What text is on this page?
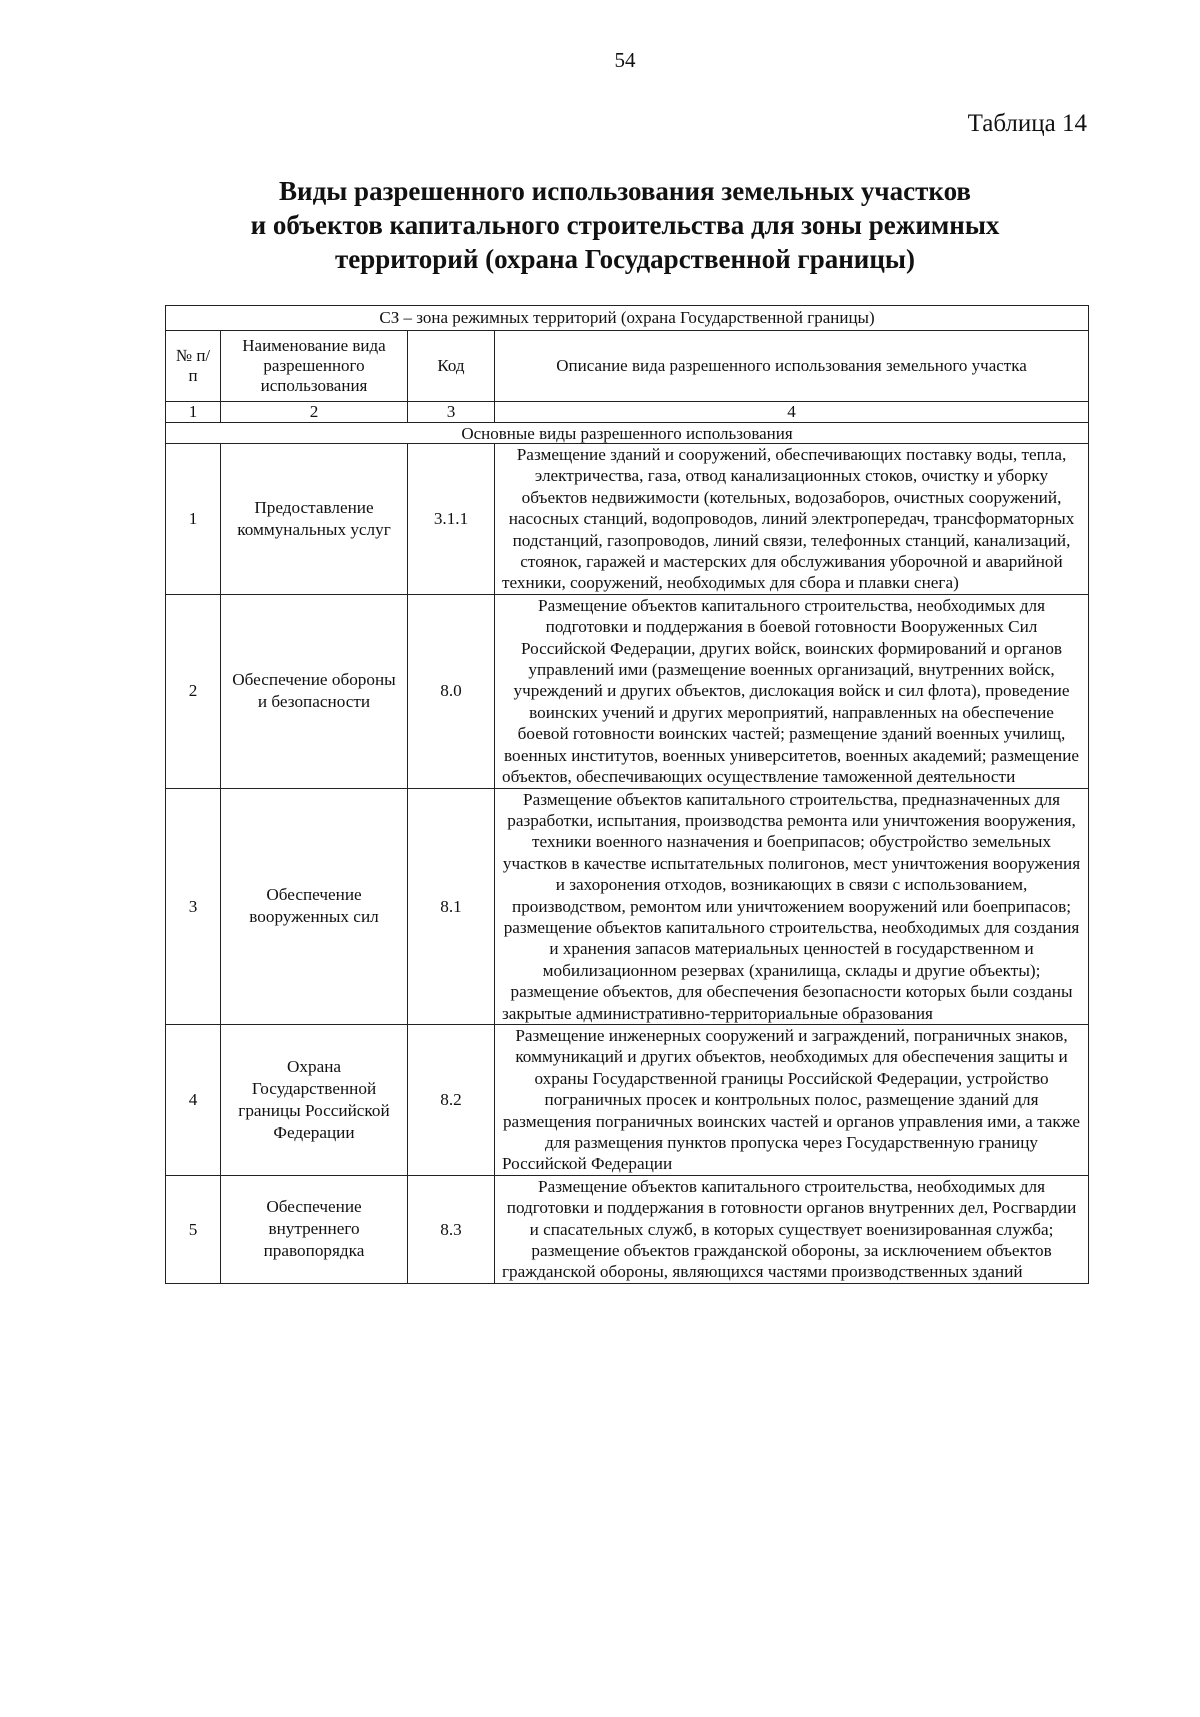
54
Таблица 14
Виды разрешенного использования земельных участков
и объектов капитального строительства для зоны режимных
территорий (охрана Государственной границы)
СЗ – зона режимных территорий (охрана Государственной границы)			
№ п/п	Наименование вида разрешенного использования	Код	Описание вида разрешенного использования земельного участка
1	2	3	4
Основные виды разрешенного использования			
1	Предоставление коммунальных услуг	3.1.1	Размещение зданий и сооружений, обеспечивающих поставку воды, тепла, электричества, газа, отвод канализационных стоков, очистку и уборку объектов недвижимости (котельных, водозаборов, очистных сооружений, насосных станций, водопроводов, линий электропередач, трансформаторных подстанций, газопроводов, линий связи, телефонных станций, канализаций, стоянок, гаражей и мастерских для обслуживания уборочной и аварийной техники, сооружений, необходимых для сбора и плавки снега)
2	Обеспечение обороны и безопасности	8.0	Размещение объектов капитального строительства, необходимых для подготовки и поддержания в боевой готовности Вооруженных Сил Российской Федерации, других войск, воинских формирований и органов управлений ими (размещение военных организаций, внутренних войск, учреждений и других объектов, дислокация войск и сил флота), проведение воинских учений и других мероприятий, направленных на обеспечение боевой готовности воинских частей; размещение зданий военных училищ, военных институтов, военных университетов, военных академий; размещение объектов, обеспечивающих осуществление таможенной деятельности
3	Обеспечение вооруженных сил	8.1	Размещение объектов капитального строительства, предназначенных для разработки, испытания, производства ремонта или уничтожения вооружения, техники военного назначения и боеприпасов; обустройство земельных участков в качестве испытательных полигонов, мест уничтожения вооружения и захоронения отходов, возникающих в связи с использованием, производством, ремонтом или уничтожением вооружений или боеприпасов; размещение объектов капитального строительства, необходимых для создания и хранения запасов материальных ценностей в государственном и мобилизационном резервах (хранилища, склады и другие объекты); размещение объектов, для обеспечения безопасности которых были созданы закрытые административно-территориальные образования
4	Охрана Государственной границы Российской Федерации	8.2	Размещение инженерных сооружений и заграждений, пограничных знаков, коммуникаций и других объектов, необходимых для обеспечения защиты и охраны Государственной границы Российской Федерации, устройство пограничных просек и контрольных полос, размещение зданий для размещения пограничных воинских частей и органов управления ими, а также для размещения пунктов пропуска через Государственную границу Российской Федерации
5	Обеспечение внутреннего правопорядка	8.3	Размещение объектов капитального строительства, необходимых для подготовки и поддержания в готовности органов внутренних дел, Росгвардии и спасательных служб, в которых существует военизированная служба; размещение объектов гражданской обороны, за исключением объектов гражданской обороны, являющихся частями производственных зданий
